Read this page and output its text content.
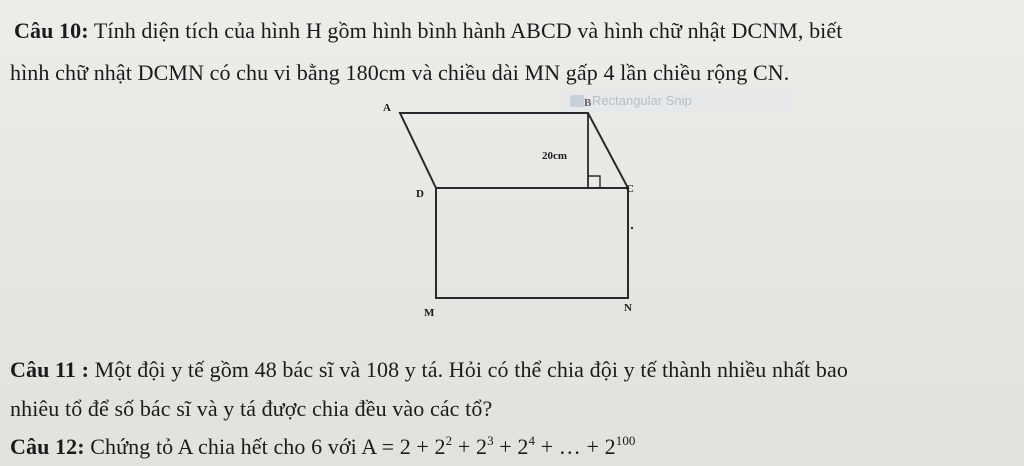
Câu 10: Tính diện tích của hình H gồm hình bình hành ABCD và hình chữ nhật DCNM, biết
hình chữ nhật DCMN có chu vi bằng 180cm và chiều dài MN gấp 4 lần chiều rộng CN.
A	B
C
D
M	N
20cm
Rectangular Snip
Câu 11 : Một đội y tế gồm 48 bác sĩ và 108 y tá. Hỏi có thể chia đội y tế thành nhiều nhất bao
nhiêu tổ để số bác sĩ và y tá được chia đều vào các tổ?
Câu 12: Chứng tỏ A chia hết cho 6 với $A = 2 + 2^2 + 2^3 + 2^4$ + … + $2^{100}$
